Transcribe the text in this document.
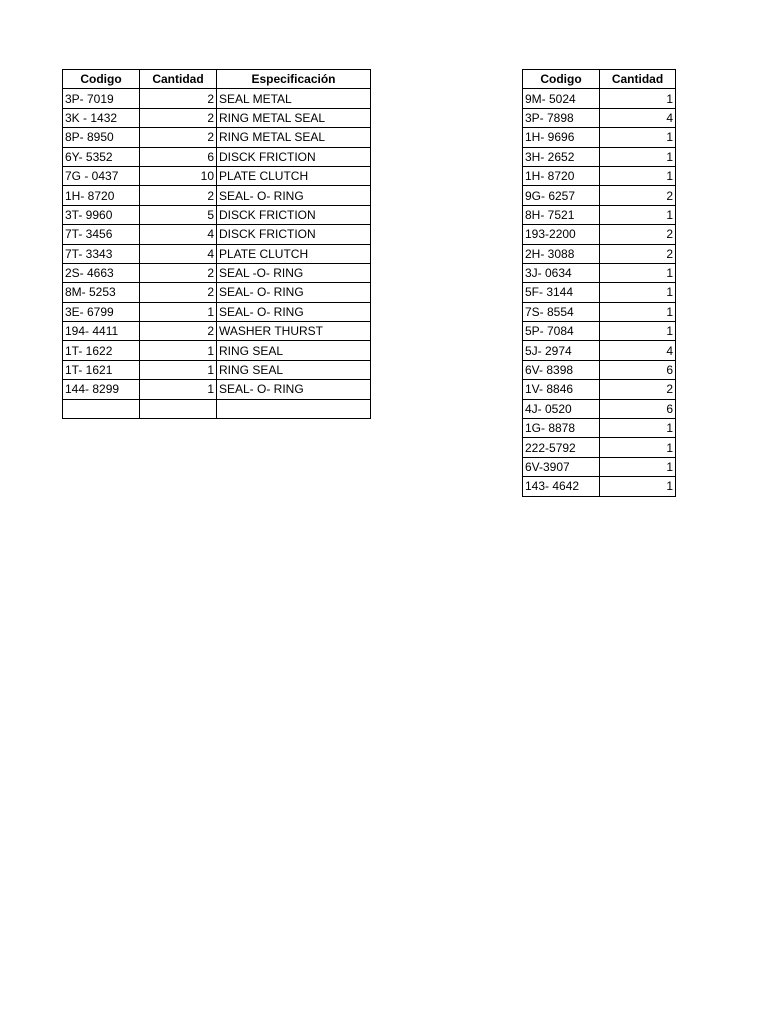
Codigo	Cantidad	Especificación
3P- 7019	2	SEAL METAL
3K - 1432	2	RING METAL SEAL
8P- 8950	2	RING METAL SEAL
6Y- 5352	6	DISCK FRICTION
7G - 0437	10	PLATE CLUTCH
1H- 8720	2	SEAL- O- RING
3T- 9960	5	DISCK FRICTION
7T- 3456	4	DISCK FRICTION
7T- 3343	4	PLATE CLUTCH
2S- 4663	2	SEAL -O- RING
8M- 5253	2	SEAL- O- RING
3E- 6799	1	SEAL- O- RING
194- 4411	2	WASHER THURST
1T- 1622	1	RING SEAL
1T- 1621	1	RING SEAL
144- 8299	1	SEAL- O- RING

Codigo	Cantidad
9M- 5024	1
3P- 7898	4
1H- 9696	1
3H- 2652	1
1H- 8720	1
9G- 6257	2
8H- 7521	1
193-2200	2
2H- 3088	2
3J- 0634	1
5F- 3144	1
7S- 8554	1
5P- 7084	1
5J- 2974	4
6V- 8398	6
1V- 8846	2
4J- 0520	6
1G- 8878	1
222-5792	1
6V-3907	1
143- 4642	1
